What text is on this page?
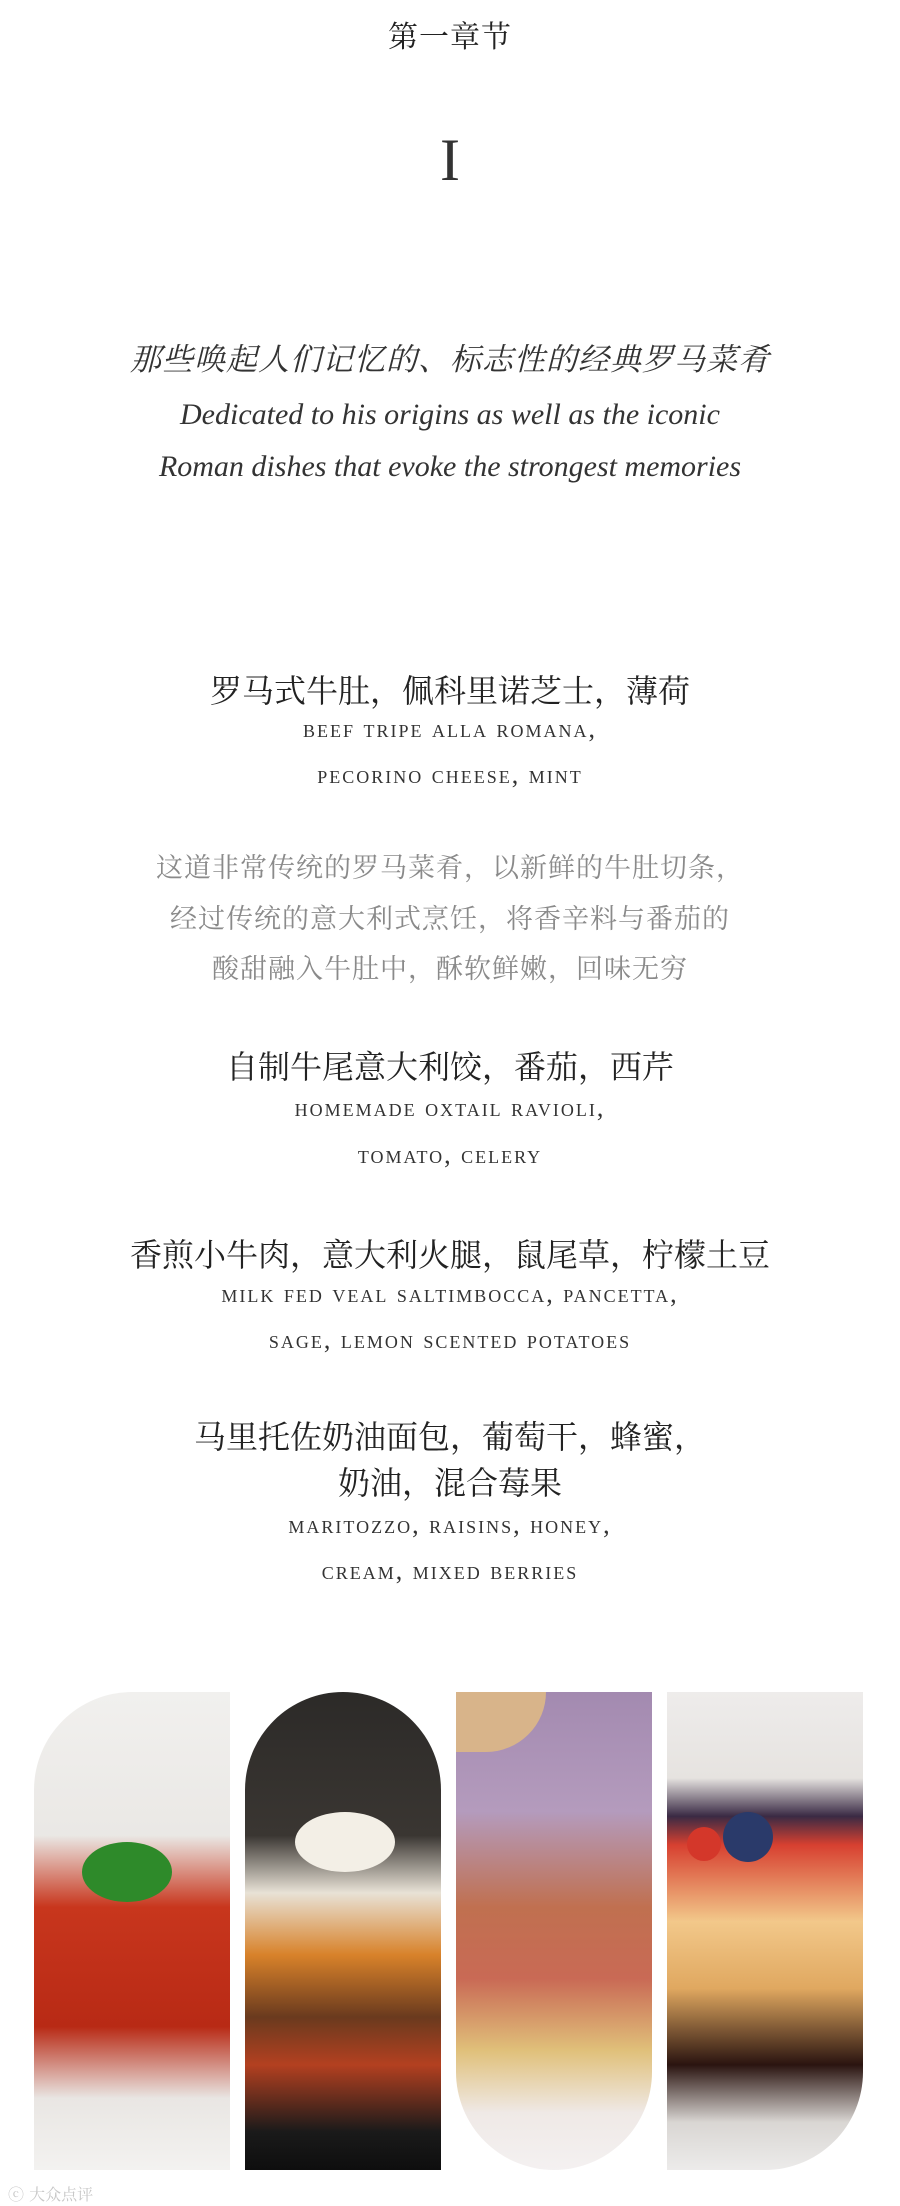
第一章节
I
那些唤起人们记忆的、标志性的经典罗马菜肴
Dedicated to his origins as well as the iconic
Roman dishes that evoke the strongest memories
罗马式牛肚，佩科里诺芝士，薄荷
beef tripe alla romana,
pecorino cheese, mint
这道非常传统的罗马菜肴，以新鲜的牛肚切条，
经过传统的意大利式烹饪，将香辛料与番茄的
酸甜融入牛肚中，酥软鲜嫩，回味无穷
自制牛尾意大利饺，番茄，西芹
homemade oxtail ravioli,
tomato, celery
香煎小牛肉，意大利火腿，鼠尾草，柠檬土豆
milk fed veal saltimbocca, pancetta,
sage, lemon scented potatoes
马里托佐奶油面包，葡萄干，蜂蜜，
奶油，混合莓果
maritozzo, raisins, honey,
cream, mixed berries
ⓒ 大众点评
